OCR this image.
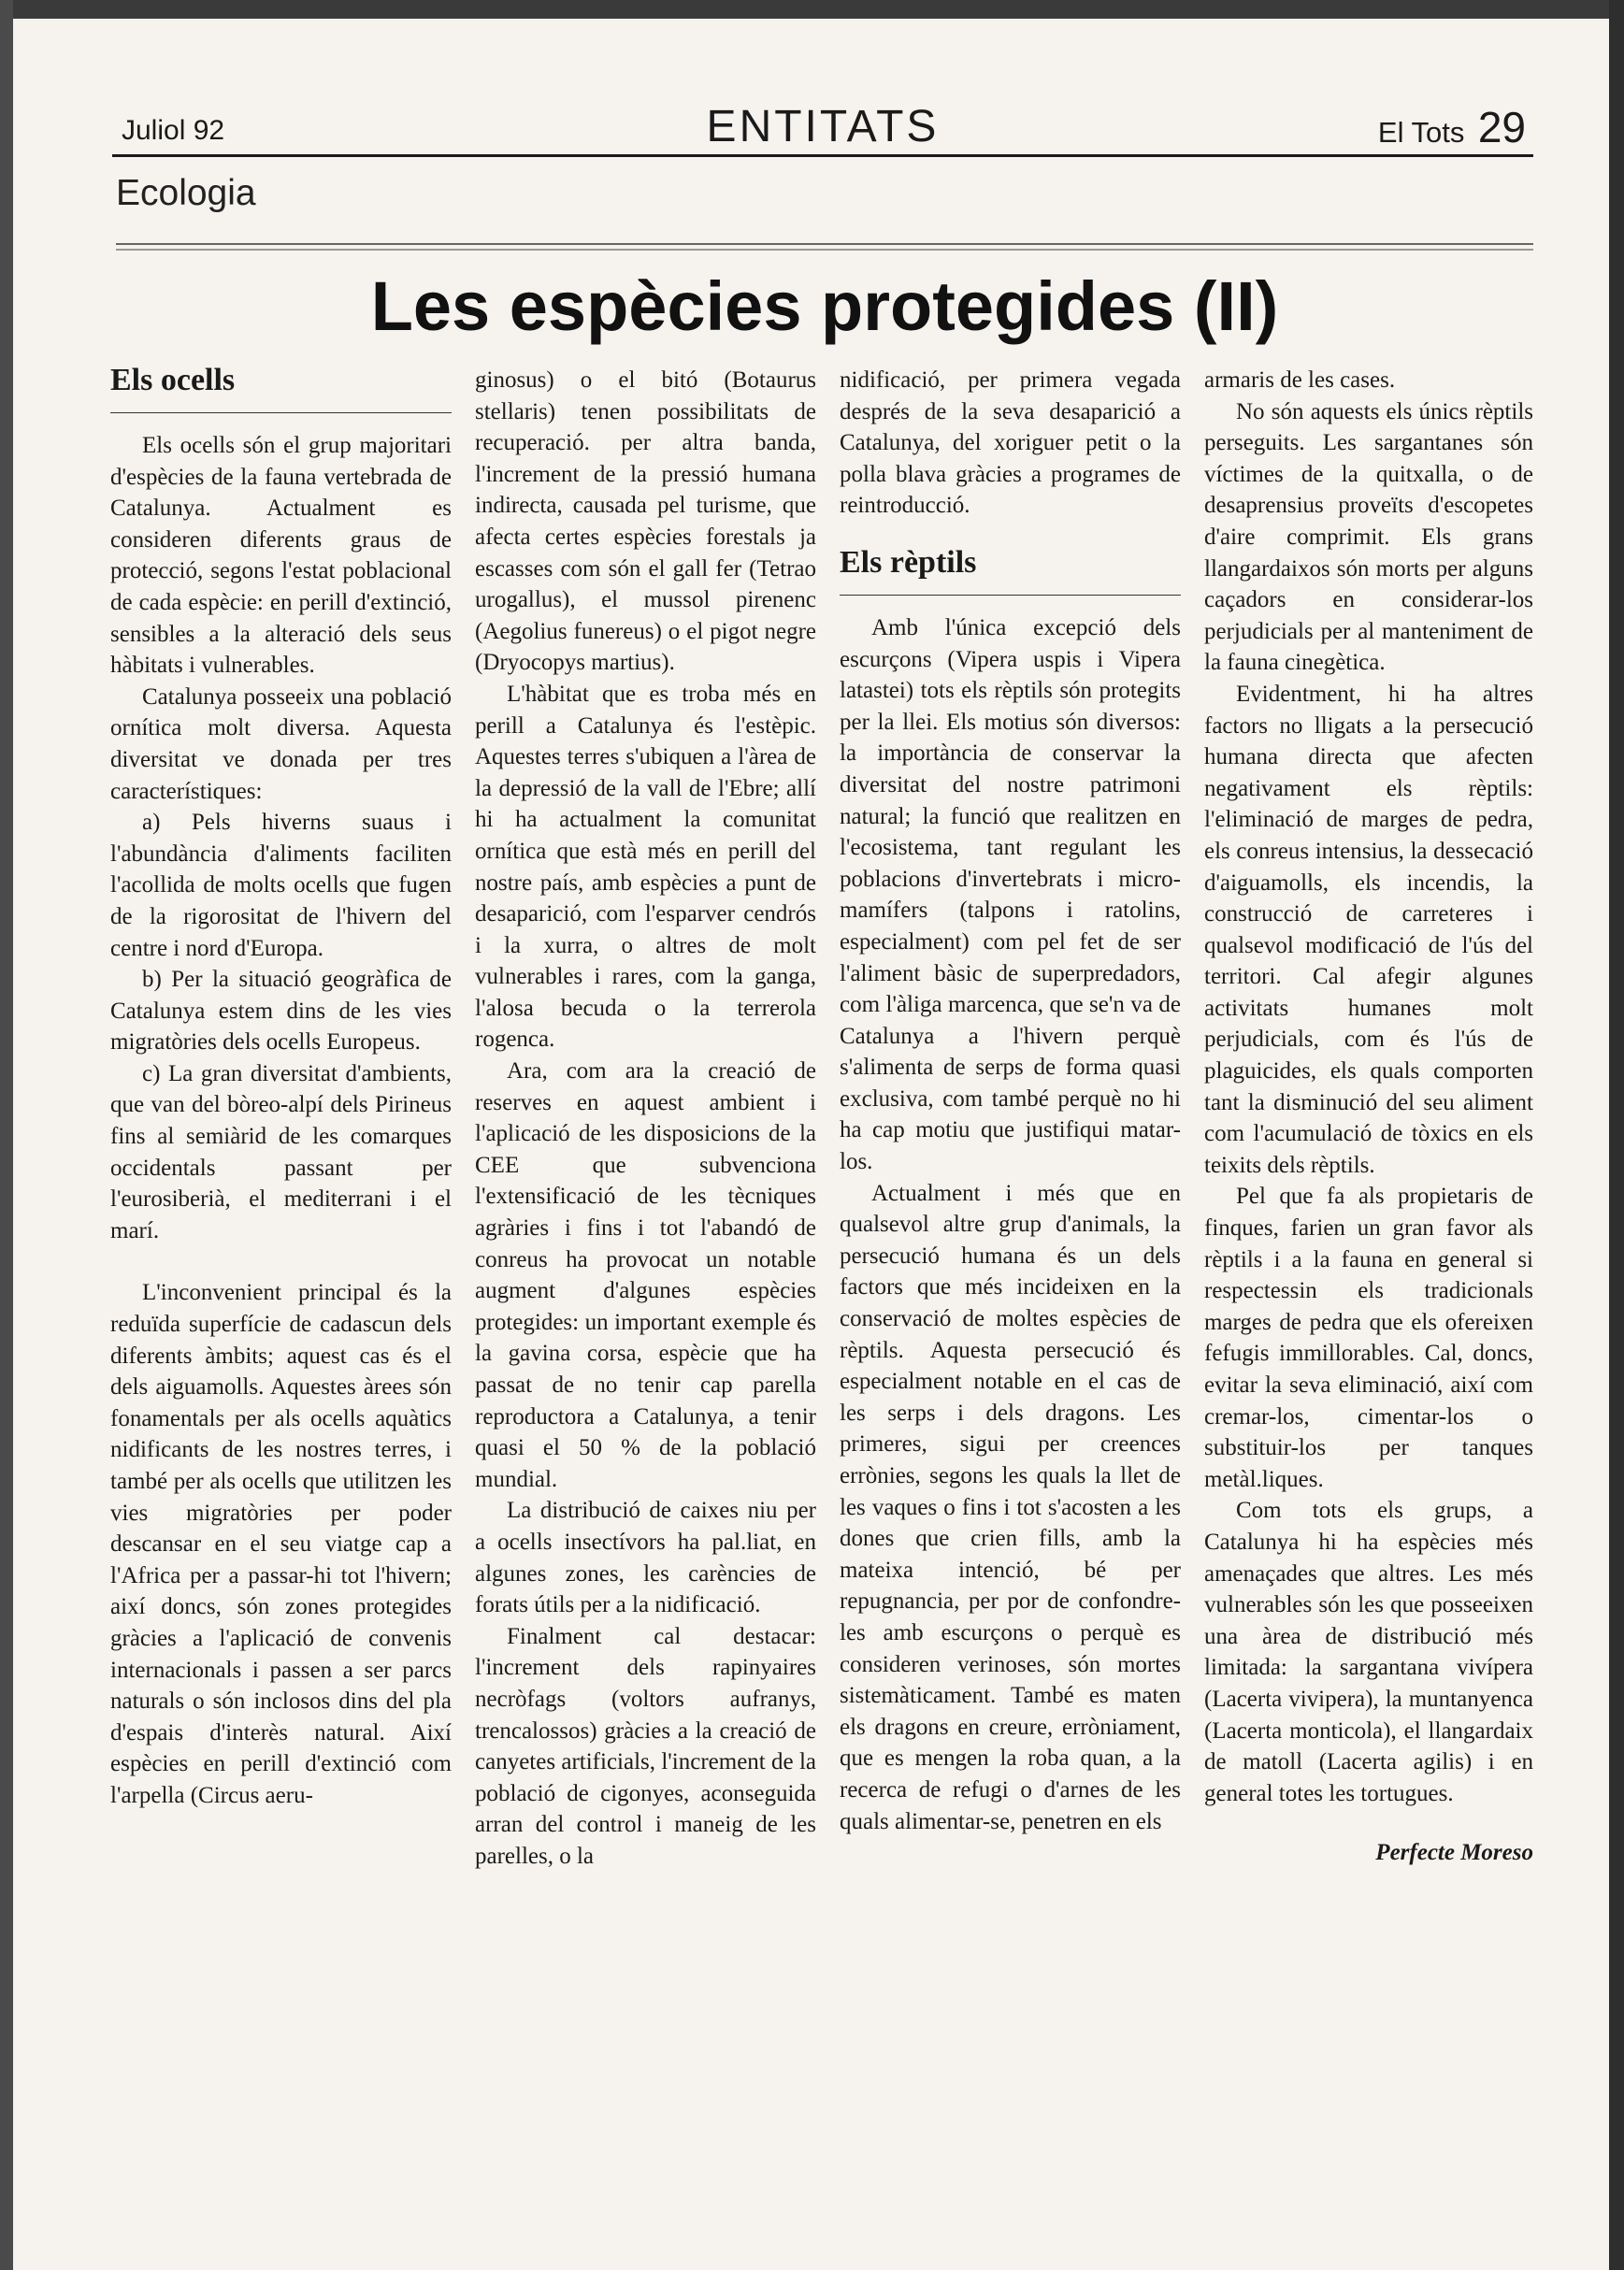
Juliol 92	ENTITATS	El Tots 29
Ecologia
Les espècies protegides (II)
Els ocells

Els ocells són el grup majoritari d'espècies de la fauna vertebrada de Catalunya. Actualment es consideren diferents graus de protecció, segons l'estat poblacional de cada espècie: en perill d'extinció, sensibles a la alteració dels seus hàbitats i vulnerables.

Catalunya posseeix una població ornítica molt diversa. Aquesta diversitat ve donada per tres característiques:

a) Pels hiverns suaus i l'abundància d'aliments faciliten l'acollida de molts ocells que fugen de la rigorositat de l'hivern del centre i nord d'Europa.

b) Per la situació geogràfica de Catalunya estem dins de les vies migratòries dels ocells Europeus.

c) La gran diversitat d'ambients, que van del bòreo-alpí dels Pirineus fins al semiàrid de les comarques occidentals passant per l'eurosiberià, el mediterrani i el marí.

L'inconvenient principal és la reduïda superfície de cadascun dels diferents àmbits; aquest cas és el dels aiguamolls. Aquestes àrees són fonamentals per als ocells aquàtics nidificants de les nostres terres, i també per als ocells que utilitzen les vies migratòries per poder descansar en el seu viatge cap a l'Africa per a passar-hi tot l'hivern; així doncs, són zones protegides gràcies a l'aplicació de convenis internacionals i passen a ser parcs naturals o són inclosos dins del pla d'espais d'interès natural. Així espècies en perill d'extinció com l'arpella (Circus aeru-

ginosus) o el bitó (Botaurus stellaris) tenen possibilitats de recuperació. per altra banda, l'increment de la pressió humana indirecta, causada pel turisme, que afecta certes espècies forestals ja escasses com són el gall fer (Tetrao urogallus), el mussol pirenenc (Aegolius funereus) o el pigot negre (Dryocopys martius).

L'hàbitat que es troba més en perill a Catalunya és l'estèpic. Aquestes terres s'ubiquen a l'àrea de la depressió de la vall de l'Ebre; allí hi ha actualment la comunitat ornítica que està més en perill del nostre país, amb espècies a punt de desaparició, com l'esparver cendrós i la xurra, o altres de molt vulnerables i rares, com la ganga, l'alosa becuda o la terrerola rogenca.

Ara, com ara la creació de reserves en aquest ambient i l'aplicació de les disposicions de la CEE que subvenciona l'extensificació de les tècniques agràries i fins i tot l'abandó de conreus ha provocat un notable augment d'algunes espècies protegides: un important exemple és la gavina corsa, espècie que ha passat de no tenir cap parella reproductora a Catalunya, a tenir quasi el 50 % de la població mundial.

La distribució de caixes niu per a ocells insectívors ha pal.liat, en algunes zones, les carències de forats útils per a la nidificació.

Finalment cal destacar: l'increment dels rapinyaires necròfags (voltors aufranys, trencalossos) gràcies a la creació de canyetes artificials, l'increment de la població de cigonyes, aconseguida arran del control i maneig de les parelles, o la

nidificació, per primera vegada després de la seva desaparició a Catalunya, del xoriguer petit o la polla blava gràcies a programes de reintroducció.

Els rèptils

Amb l'única excepció dels escurçons (Vipera uspis i Vipera latastei) tots els rèptils són protegits per la llei. Els motius són diversos: la importància de conservar la diversitat del nostre patrimoni natural; la funció que realitzen en l'ecosistema, tant regulant les poblacions d'invertebrats i micro-mamífers (talpons i ratolins, especialment) com pel fet de ser l'aliment bàsic de superpredadors, com l'àliga marcenca, que se'n va de Catalunya a l'hivern perquè s'alimenta de serps de forma quasi exclusiva, com també perquè no hi ha cap motiu que justifiqui matar-los.

Actualment i més que en qualsevol altre grup d'animals, la persecució humana és un dels factors que més incideixen en la conservació de moltes espècies de rèptils. Aquesta persecució és especialment notable en el cas de les serps i dels dragons. Les primeres, sigui per creences errònies, segons les quals la llet de les vaques o fins i tot s'acosten a les dones que crien fills, amb la mateixa intenció, bé per repugnancia, per por de confondre-les amb escurçons o perquè es consideren verinoses, són mortes sistemàticament. També es maten els dragons en creure, erròniament, que es mengen la roba quan, a la recerca de refugi o d'arnes de les quals alimentar-se, penetren en els

armaris de les cases.

No són aquests els únics rèptils perseguits. Les sargantanes són víctimes de la quitxalla, o de desaprensius proveïts d'escopetes d'aire comprimit. Els grans llangardaixos són morts per alguns caçadors en considerar-los perjudicials per al manteniment de la fauna cinegètica.

Evidentment, hi ha altres factors no lligats a la persecució humana directa que afecten negativament els rèptils: l'eliminació de marges de pedra, els conreus intensius, la dessecació d'aiguamolls, els incendis, la construcció de carreteres i qualsevol modificació de l'ús del territori. Cal afegir algunes activitats humanes molt perjudicials, com és l'ús de plaguicides, els quals comporten tant la disminució del seu aliment com l'acumulació de tòxics en els teixits dels rèptils.

Pel que fa als propietaris de finques, farien un gran favor als rèptils i a la fauna en general si respectessin els tradicionals marges de pedra que els ofereixen fefugis immillorables. Cal, doncs, evitar la seva eliminació, així com cremar-los, cimentar-los o substituir-los per tanques metàl.liques.

Com tots els grups, a Catalunya hi ha espècies més amenaçades que altres. Les més vulnerables són les que posseeixen una àrea de distribució més limitada: la sargantana vivípera (Lacerta vivipera), la muntanyenca (Lacerta monticola), el llangardaix de matoll (Lacerta agilis) i en general totes les tortugues.

Perfecte Moreso
